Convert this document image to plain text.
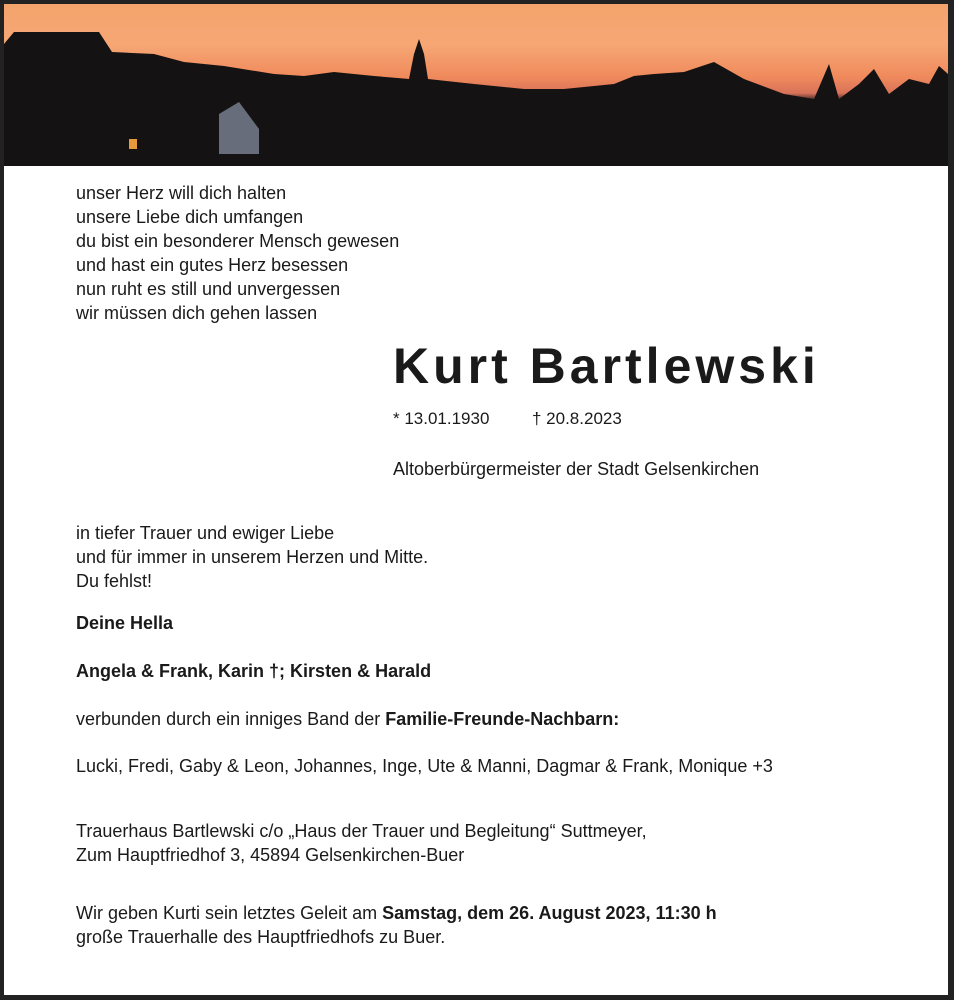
unser Herz will dich halten
unsere Liebe dich umfangen
du bist ein besonderer Mensch gewesen
und hast ein gutes Herz besessen
nun ruht es still und unvergessen
wir müssen dich gehen lassen
Kurt Bartlewski
* 13.01.1930	† 20.8.2023
Altoberbürgermeister der Stadt Gelsenkirchen
in tiefer Trauer und ewiger Liebe
und für immer in unserem Herzen und Mitte.
Du fehlst!
Deine Hella
Angela & Frank, Karin †; Kirsten & Harald
verbunden durch ein inniges Band der Familie-Freunde-Nachbarn:
Lucki, Fredi, Gaby & Leon, Johannes, Inge, Ute & Manni, Dagmar & Frank, Monique +3
Trauerhaus Bartlewski c/o „Haus der Trauer und Begleitung“ Suttmeyer,
Zum Hauptfriedhof 3, 45894 Gelsenkirchen-Buer
Wir geben Kurti sein letztes Geleit am Samstag, dem 26. August 2023, 11:30 h
große Trauerhalle des Hauptfriedhofs zu Buer.
